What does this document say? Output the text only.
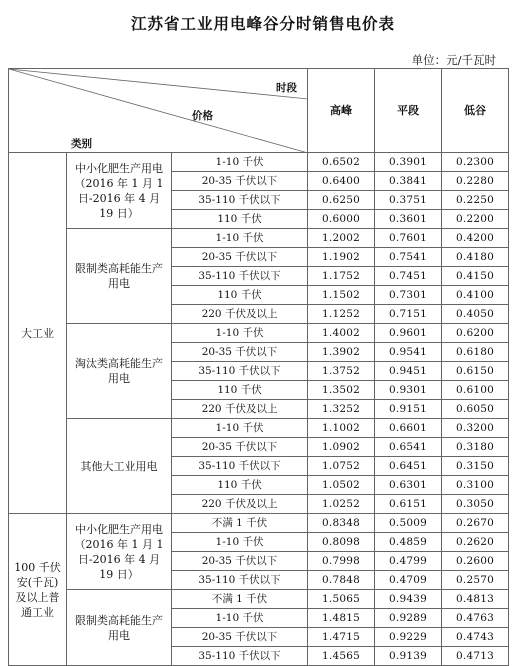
江苏省工业用电峰谷分时销售电价表
单位：元/千瓦时
时段
价格
类别			高峰	平段	低谷
大工业	中小化肥生产用电（2016 年 1 月 1 日-2016 年 4 月 19 日）	1-10 千伏	0.6502	0.3901	0.2300
		20-35 千伏以下	0.6400	0.3841	0.2280
		35-110 千伏以下	0.6250	0.3751	0.2250
		110 千伏	0.6000	0.3601	0.2200
	限制类高耗能生产用电	1-10 千伏	1.2002	0.7601	0.4200
		20-35 千伏以下	1.1902	0.7541	0.4180
		35-110 千伏以下	1.1752	0.7451	0.4150
		110 千伏	1.1502	0.7301	0.4100
		220 千伏及以上	1.1252	0.7151	0.4050
	淘汰类高耗能生产用电	1-10 千伏	1.4002	0.9601	0.6200
		20-35 千伏以下	1.3902	0.9541	0.6180
		35-110 千伏以下	1.3752	0.9451	0.6150
		110 千伏	1.3502	0.9301	0.6100
		220 千伏及以上	1.3252	0.9151	0.6050
	其他大工业用电	1-10 千伏	1.1002	0.6601	0.3200
		20-35 千伏以下	1.0902	0.6541	0.3180
		35-110 千伏以下	1.0752	0.6451	0.3150
		110 千伏	1.0502	0.6301	0.3100
		220 千伏及以上	1.0252	0.6151	0.3050
100 千伏安(千瓦)及以上普通工业	中小化肥生产用电（2016 年 1 月 1 日-2016 年 4 月 19 日）	不满 1 千伏	0.8348	0.5009	0.2670
		1-10 千伏	0.8098	0.4859	0.2620
		20-35 千伏以下	0.7998	0.4799	0.2600
		35-110 千伏以下	0.7848	0.4709	0.2570
	限制类高耗能生产用电	不满 1 千伏	1.5065	0.9439	0.4813
		1-10 千伏	1.4815	0.9289	0.4763
		20-35 千伏以下	1.4715	0.9229	0.4743
		35-110 千伏以下	1.4565	0.9139	0.4713
